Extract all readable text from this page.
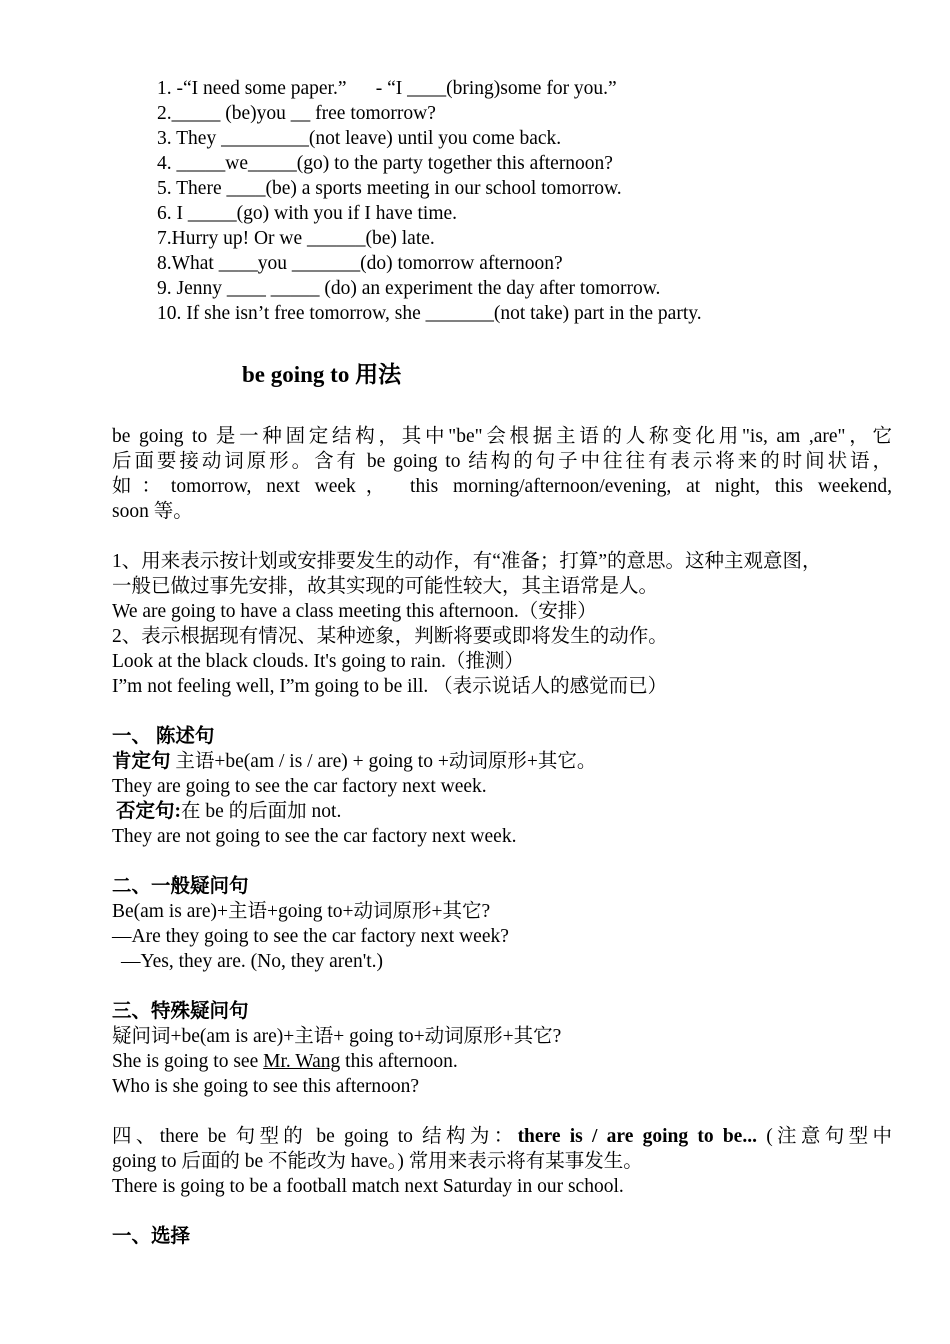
1. -“I need some paper.”      - “I ____(bring)some for you.”
2._____ (be)you __ free tomorrow?
3. They _________(not leave) until you come back.
4. _____we_____(go) to the party together this afternoon?
5. There ____(be) a sports meeting in our school tomorrow.
6. I _____(go) with you if I have time.
7.Hurry up! Or we ______(be) late.
8.What ____you _______(do) tomorrow afternoon?
9. Jenny ____ _____ (do) an experiment the day after tomorrow.
10. If she isn’t free tomorrow, she _______(not take) part in the party.
be going to 用法
be going to 是一种固定结构，其中"be"会根据主语的人称变化用"is, am ,are"，它
后面要接动词原形。含有 be going to 结构的句子中往往有表示将来的时间状语，
如：tomorrow, next week， this morning/afternoon/evening, at night, this weekend,
soon 等。
1、用来表示按计划或安排要发生的动作，有“准备；打算”的意思。这种主观意图，
一般已做过事先安排，故其实现的可能性较大，其主语常是人。
We are going to have a class meeting this afternoon.（安排）
2、表示根据现有情况、某种迹象，判断将要或即将发生的动作。
Look at the black clouds. It's going to rain.（推测）
I”m not feeling well, I”m going to be ill. （表示说话人的感觉而已）
一、 陈述句
肯定句 主语+be(am / is / are) + going to +动词原形+其它。
They are going to see the car factory next week.
否定句:在 be 的后面加 not.
They are not going to see the car factory next week.
二、一般疑问句
Be(am is are)+主语+going to+动词原形+其它?
—Are they going to see the car factory next week?
—Yes, they are. (No, they aren't.)
三、特殊疑问句
疑问词+be(am is are)+主语+ going to+动词原形+其它?
She is going to see Mr. Wang this afternoon.
Who is she going to see this afternoon?
四、there be 句型的 be going to 结构为：there is / are going to be... (注意句型中
going to 后面的 be 不能改为 have。) 常用来表示将有某事发生。
There is going to be a football match next Saturday in our school.
一、选择
